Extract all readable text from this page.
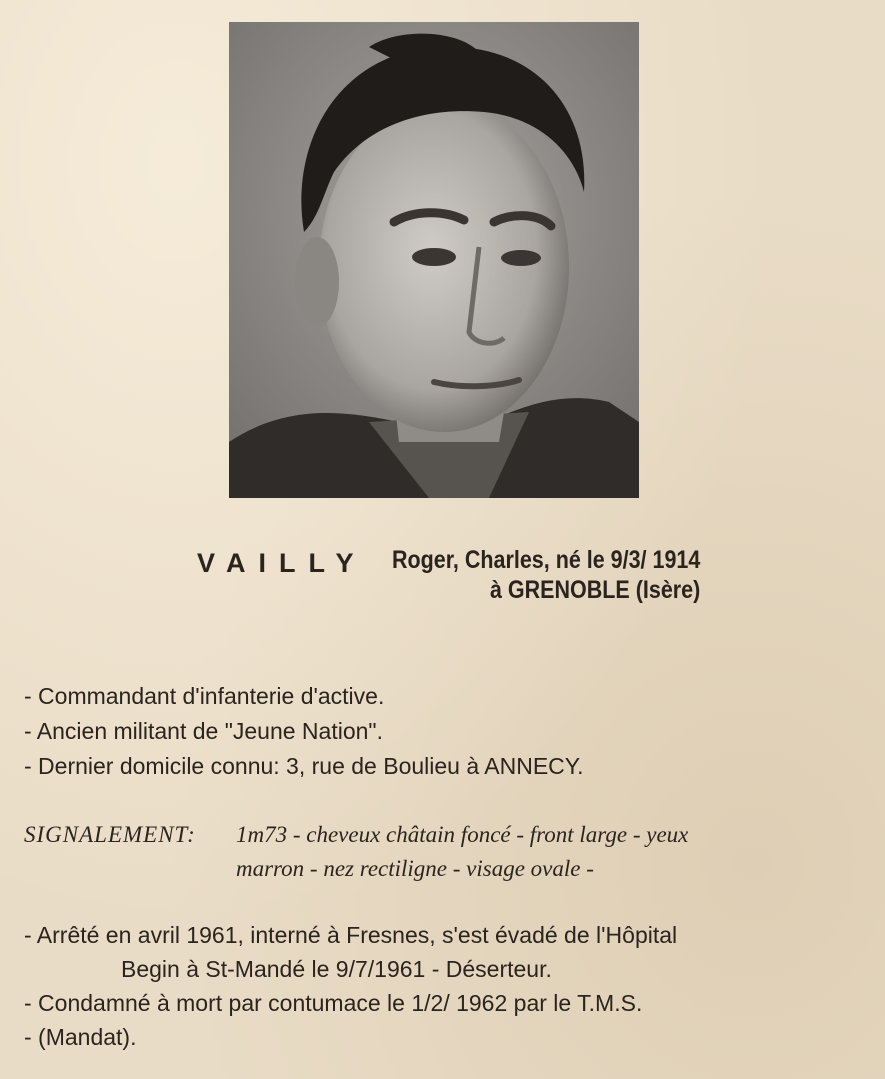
VAILLY Roger, Charles, né le 9/3/ 1914
à GRENOBLE (Isère)
- Commandant d'infanterie d'active.
- Ancien militant de "Jeune Nation".
- Dernier domicile connu: 3, rue de Boulieu à ANNECY.
SIGNALEMENT: 1m73 - cheveux châtain foncé - front large - yeux
marron - nez rectiligne - visage ovale -
- Arrêté en avril 1961, interné à Fresnes, s'est évadé de l'Hôpital
Begin à St-Mandé le 9/7/1961 - Déserteur.
- Condamné à mort par contumace le 1/2/ 1962 par le T.M.S.
- (Mandat).
